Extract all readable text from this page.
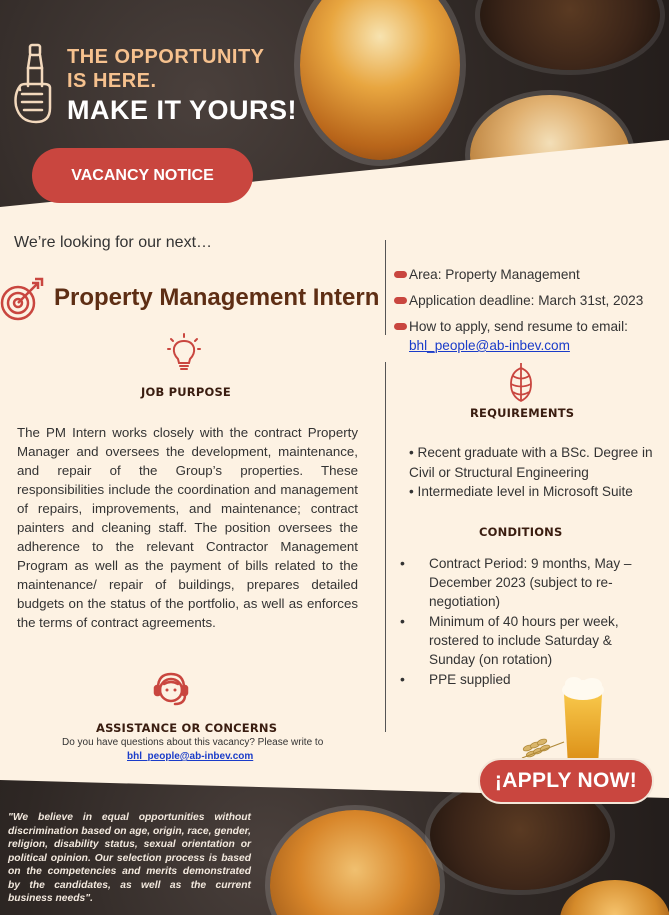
THE OPPORTUNITY
IS HERE.
MAKE IT YOURS!
VACANCY NOTICE
We’re looking for our next…
Property Management Intern
JOB PURPOSE
The PM Intern works closely with the contract Property Manager and oversees the development, maintenance, and repair of the Group’s properties. These responsibilities include the coordination and management of repairs, improvements, and maintenance; contract painters and cleaning staff. The position oversees the adherence to the relevant Contractor Management Program as well as the payment of bills related to the maintenance/ repair of buildings, prepares detailed budgets on the status of the portfolio, as well as enforces the terms of contract agreements.
Area: Property Management
Application deadline: March 31st, 2023
How to apply, send resume to email:
bhl_people@ab-inbev.com
REQUIREMENTS
• Recent graduate with a BSc. Degree in Civil or Structural Engineering
• Intermediate level in Microsoft Suite
CONDITIONS
•	Contract Period: 9 months, May – December 2023 (subject to re-negotiation)
•	Minimum of 40 hours per week, rostered to include Saturday & Sunday (on rotation)
•	PPE supplied
¡APPLY NOW!
ASSISTANCE OR CONCERNS
Do you have questions about this vacancy? Please write to
bhl_people@ab-inbev.com
"We believe in equal opportunities without discrimination based on age, origin, race, gender, religion, disability status, sexual orientation or political opinion. Our selection process is based on the competencies and merits demonstrated by the candidates, as well as the current business needs".
